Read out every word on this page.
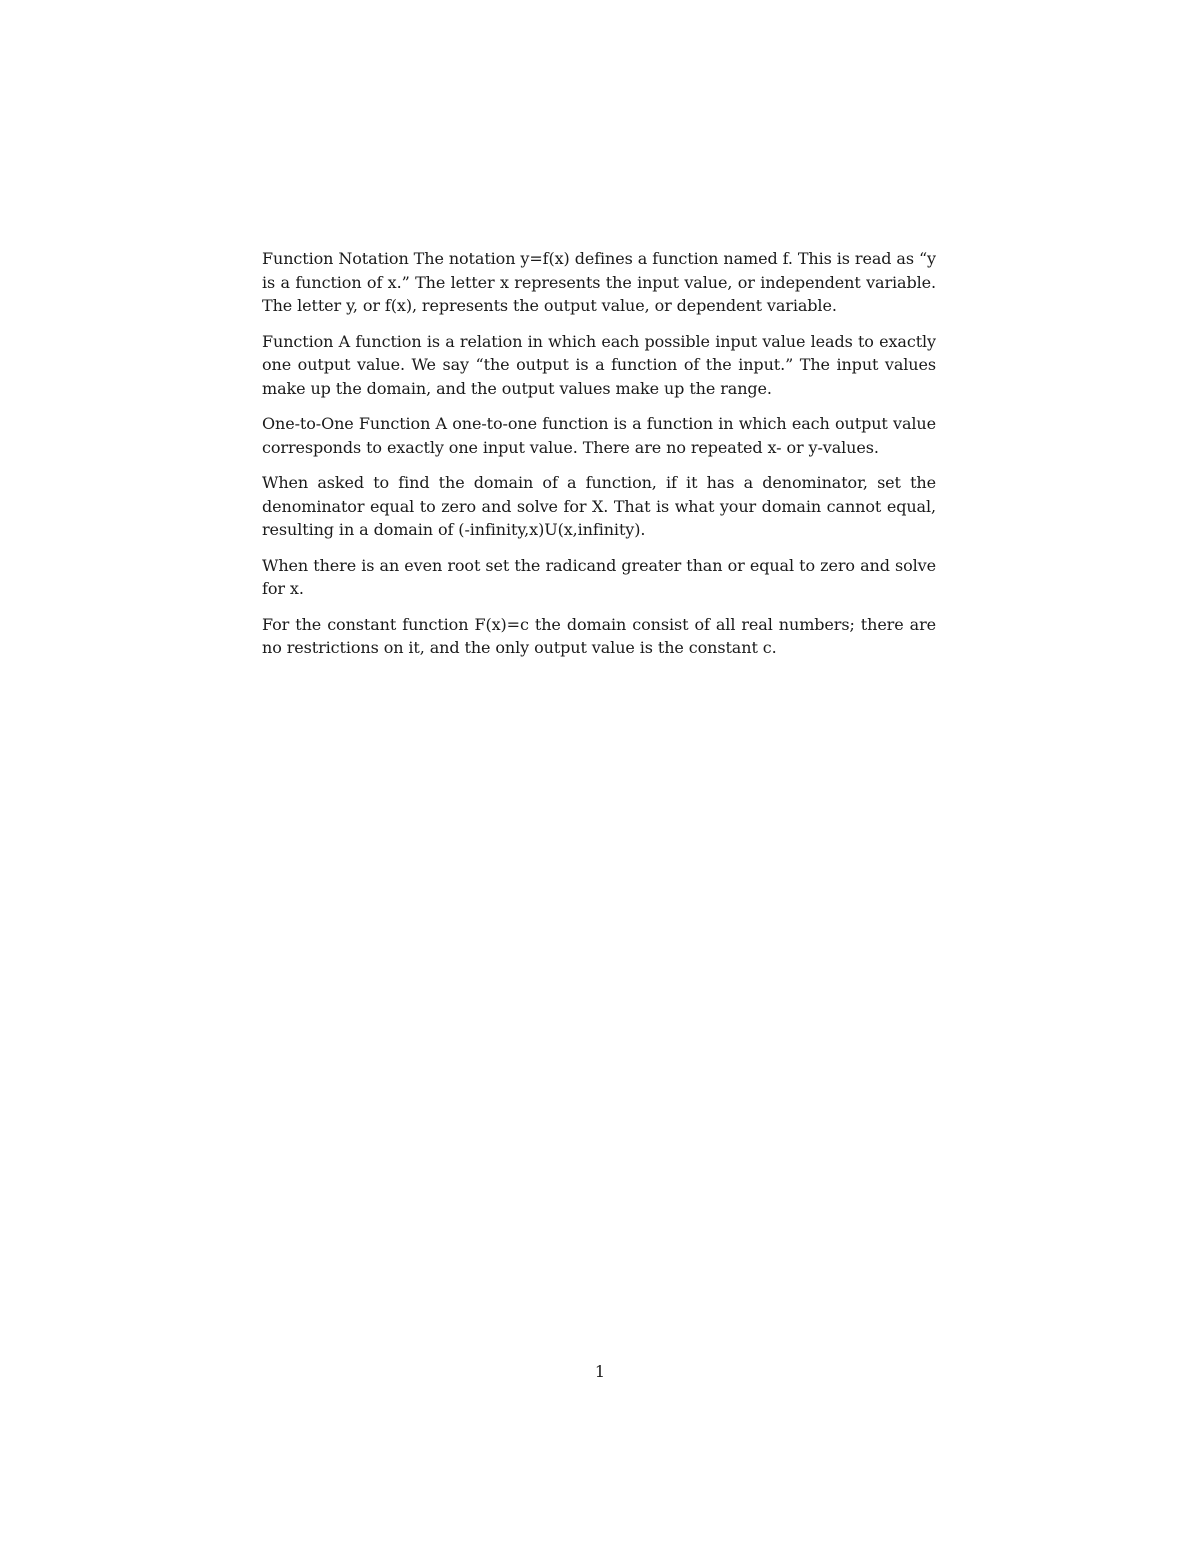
Function Notation The notation y=f(x) defines a function named f. This is read as “y is a function of x.” The letter x represents the input value, or independent variable. The letter y, or f(x), represents the output value, or dependent variable.

Function A function is a relation in which each possible input value leads to exactly one output value. We say “the output is a function of the input.” The input values make up the domain, and the output values make up the range.

One-to-One Function A one-to-one function is a function in which each output value corresponds to exactly one input value. There are no repeated x- or y-values.

When asked to find the domain of a function, if it has a denominator, set the denominator equal to zero and solve for X. That is what your domain cannot equal, resulting in a domain of (-infinity,x)U(x,infinity).

When there is an even root set the radicand greater than or equal to zero and solve for x.

For the constant function F(x)=c the domain consist of all real numbers; there are no restrictions on it, and the only output value is the constant c.

1
